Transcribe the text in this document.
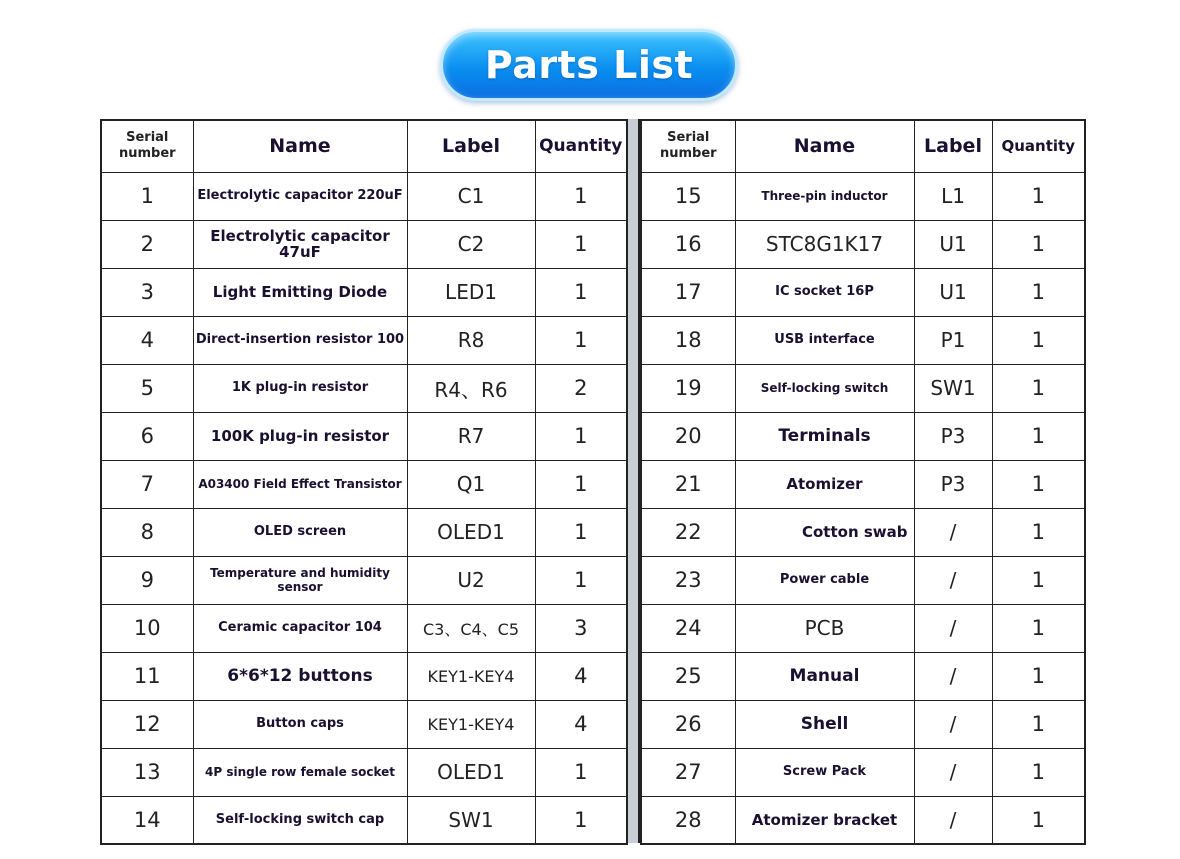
Parts List
Serial number	Name	Label	Quantity
1	Electrolytic capacitor 220uF	C1	1
2	Electrolytic capacitor 47uF	C2	1
3	Light Emitting Diode	LED1	1
4	Direct-insertion resistor 100	R8	1
5	1K plug-in resistor	R4、R6	2
6	100K plug-in resistor	R7	1
7	A03400 Field Effect Transistor	Q1	1
8	OLED screen	OLED1	1
9	Temperature and humidity sensor	U2	1
10	Ceramic capacitor 104	C3、C4、C5	3
11	6*6*12 buttons	KEY1-KEY4	4
12	Button caps	KEY1-KEY4	4
13	4P single row female socket	OLED1	1
14	Self-locking switch cap	SW1	1
Serial number	Name	Label	Quantity
15	Three-pin inductor	L1	1
16	STC8G1K17	U1	1
17	IC socket 16P	U1	1
18	USB interface	P1	1
19	Self-locking switch	SW1	1
20	Terminals	P3	1
21	Atomizer	P3	1
22	Cotton swab	/	1
23	Power cable	/	1
24	PCB	/	1
25	Manual	/	1
26	Shell	/	1
27	Screw Pack	/	1
28	Atomizer bracket	/	1
